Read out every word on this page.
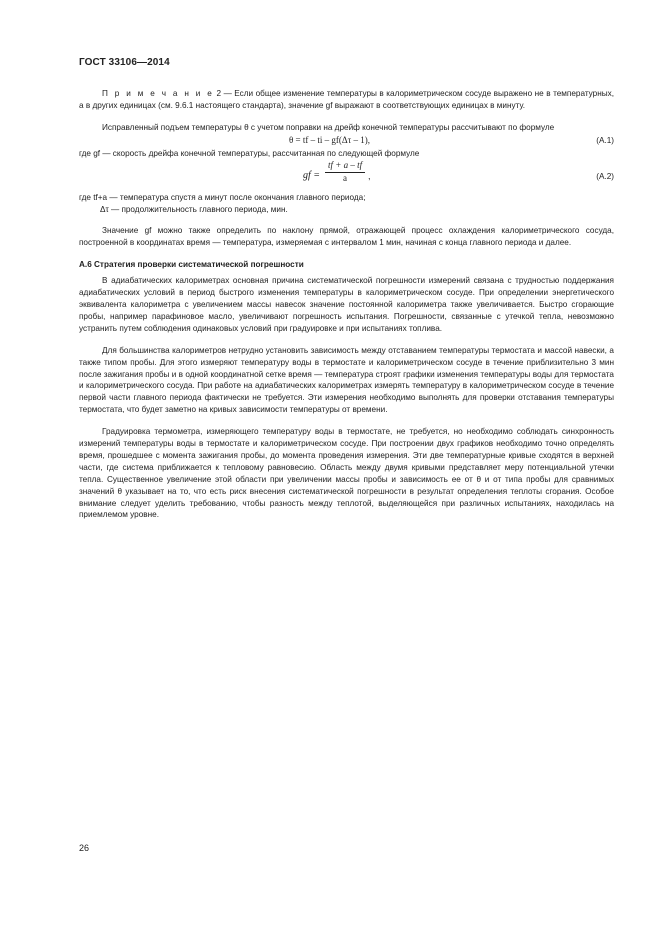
ГОСТ 33106—2014

П р и м е ч а н и е 2 — Если общее изменение температуры в калориметрическом сосуде выражено не в температурных, а в других единицах (см. 9.6.1 настоящего стандарта), значение gf выражают в соответствующих единицах в минуту.

Исправленный подъем температуры θ с учетом поправки на дрейф конечной температуры рассчитывают по формуле

θ = tf – ti – gf(Δτ – 1),	(А.1)

где gf — скорость дрейфа конечной температуры, рассчитанная по следующей формуле

gf = $\frac{tf + a - tf}{a}$ ,	(А.2)

где tf+a — температура спустя a минут после окончания главного периода;

Δτ — продолжительность главного периода, мин.

Значение gf можно также определить по наклону прямой, отражающей процесс охлаждения калориметрического сосуда, построенной в координатах время — температура, измеряемая с интервалом 1 мин, начиная с конца главного периода и далее.

А.6 Стратегия проверки систематической погрешности

В адиабатических калориметрах основная причина систематической погрешности измерений связана с трудностью поддержания адиабатических условий в период быстрого изменения температуры в калориметрическом сосуде. При определении энергетического эквивалента калориметра с увеличением массы навесок значение постоянной калориметра также увеличивается. Быстро сгорающие пробы, например парафиновое масло, увеличивают погрешность испытания. Погрешности, связанные с утечкой тепла, невозможно устранить путем соблюдения одинаковых условий при градуировке и при испытаниях топлива.

Для большинства калориметров нетрудно установить зависимость между отставанием температуры термостата и массой навески, а также типом пробы. Для этого измеряют температуру воды в термостате и калориметрическом сосуде в течение приблизительно 3 мин после зажигания пробы и в одной координатной сетке время — температура строят графики изменения температуры воды для термостата и калориметрического сосуда. При работе на адиабатических калориметрах измерять температуру в калориметрическом сосуде в течение первой части главного периода фактически не требуется. Эти измерения необходимо выполнять для проверки отставания температуры термостата, что будет заметно на кривых зависимости температуры от времени.

Градуировка термометра, измеряющего температуру воды в термостате, не требуется, но необходимо соблюдать синхронность измерений температуры воды в термостате и калориметрическом сосуде. При построении двух графиков необходимо точно определять время, прошедшее с момента зажигания пробы, до момента проведения измерения. Эти две температурные кривые сходятся в верхней части, где система приближается к тепловому равновесию. Область между двумя кривыми представляет меру потенциальной утечки тепла. Существенное увеличение этой области при увеличении массы пробы и зависимость ее от θ и от типа пробы для сравнимых значений θ указывает на то, что есть риск внесения систематической погрешности в результат определения теплоты сгорания. Особое внимание следует уделить требованию, чтобы разность между теплотой, выделяющейся при различных испытаниях, находилась на приемлемом уровне.

26
